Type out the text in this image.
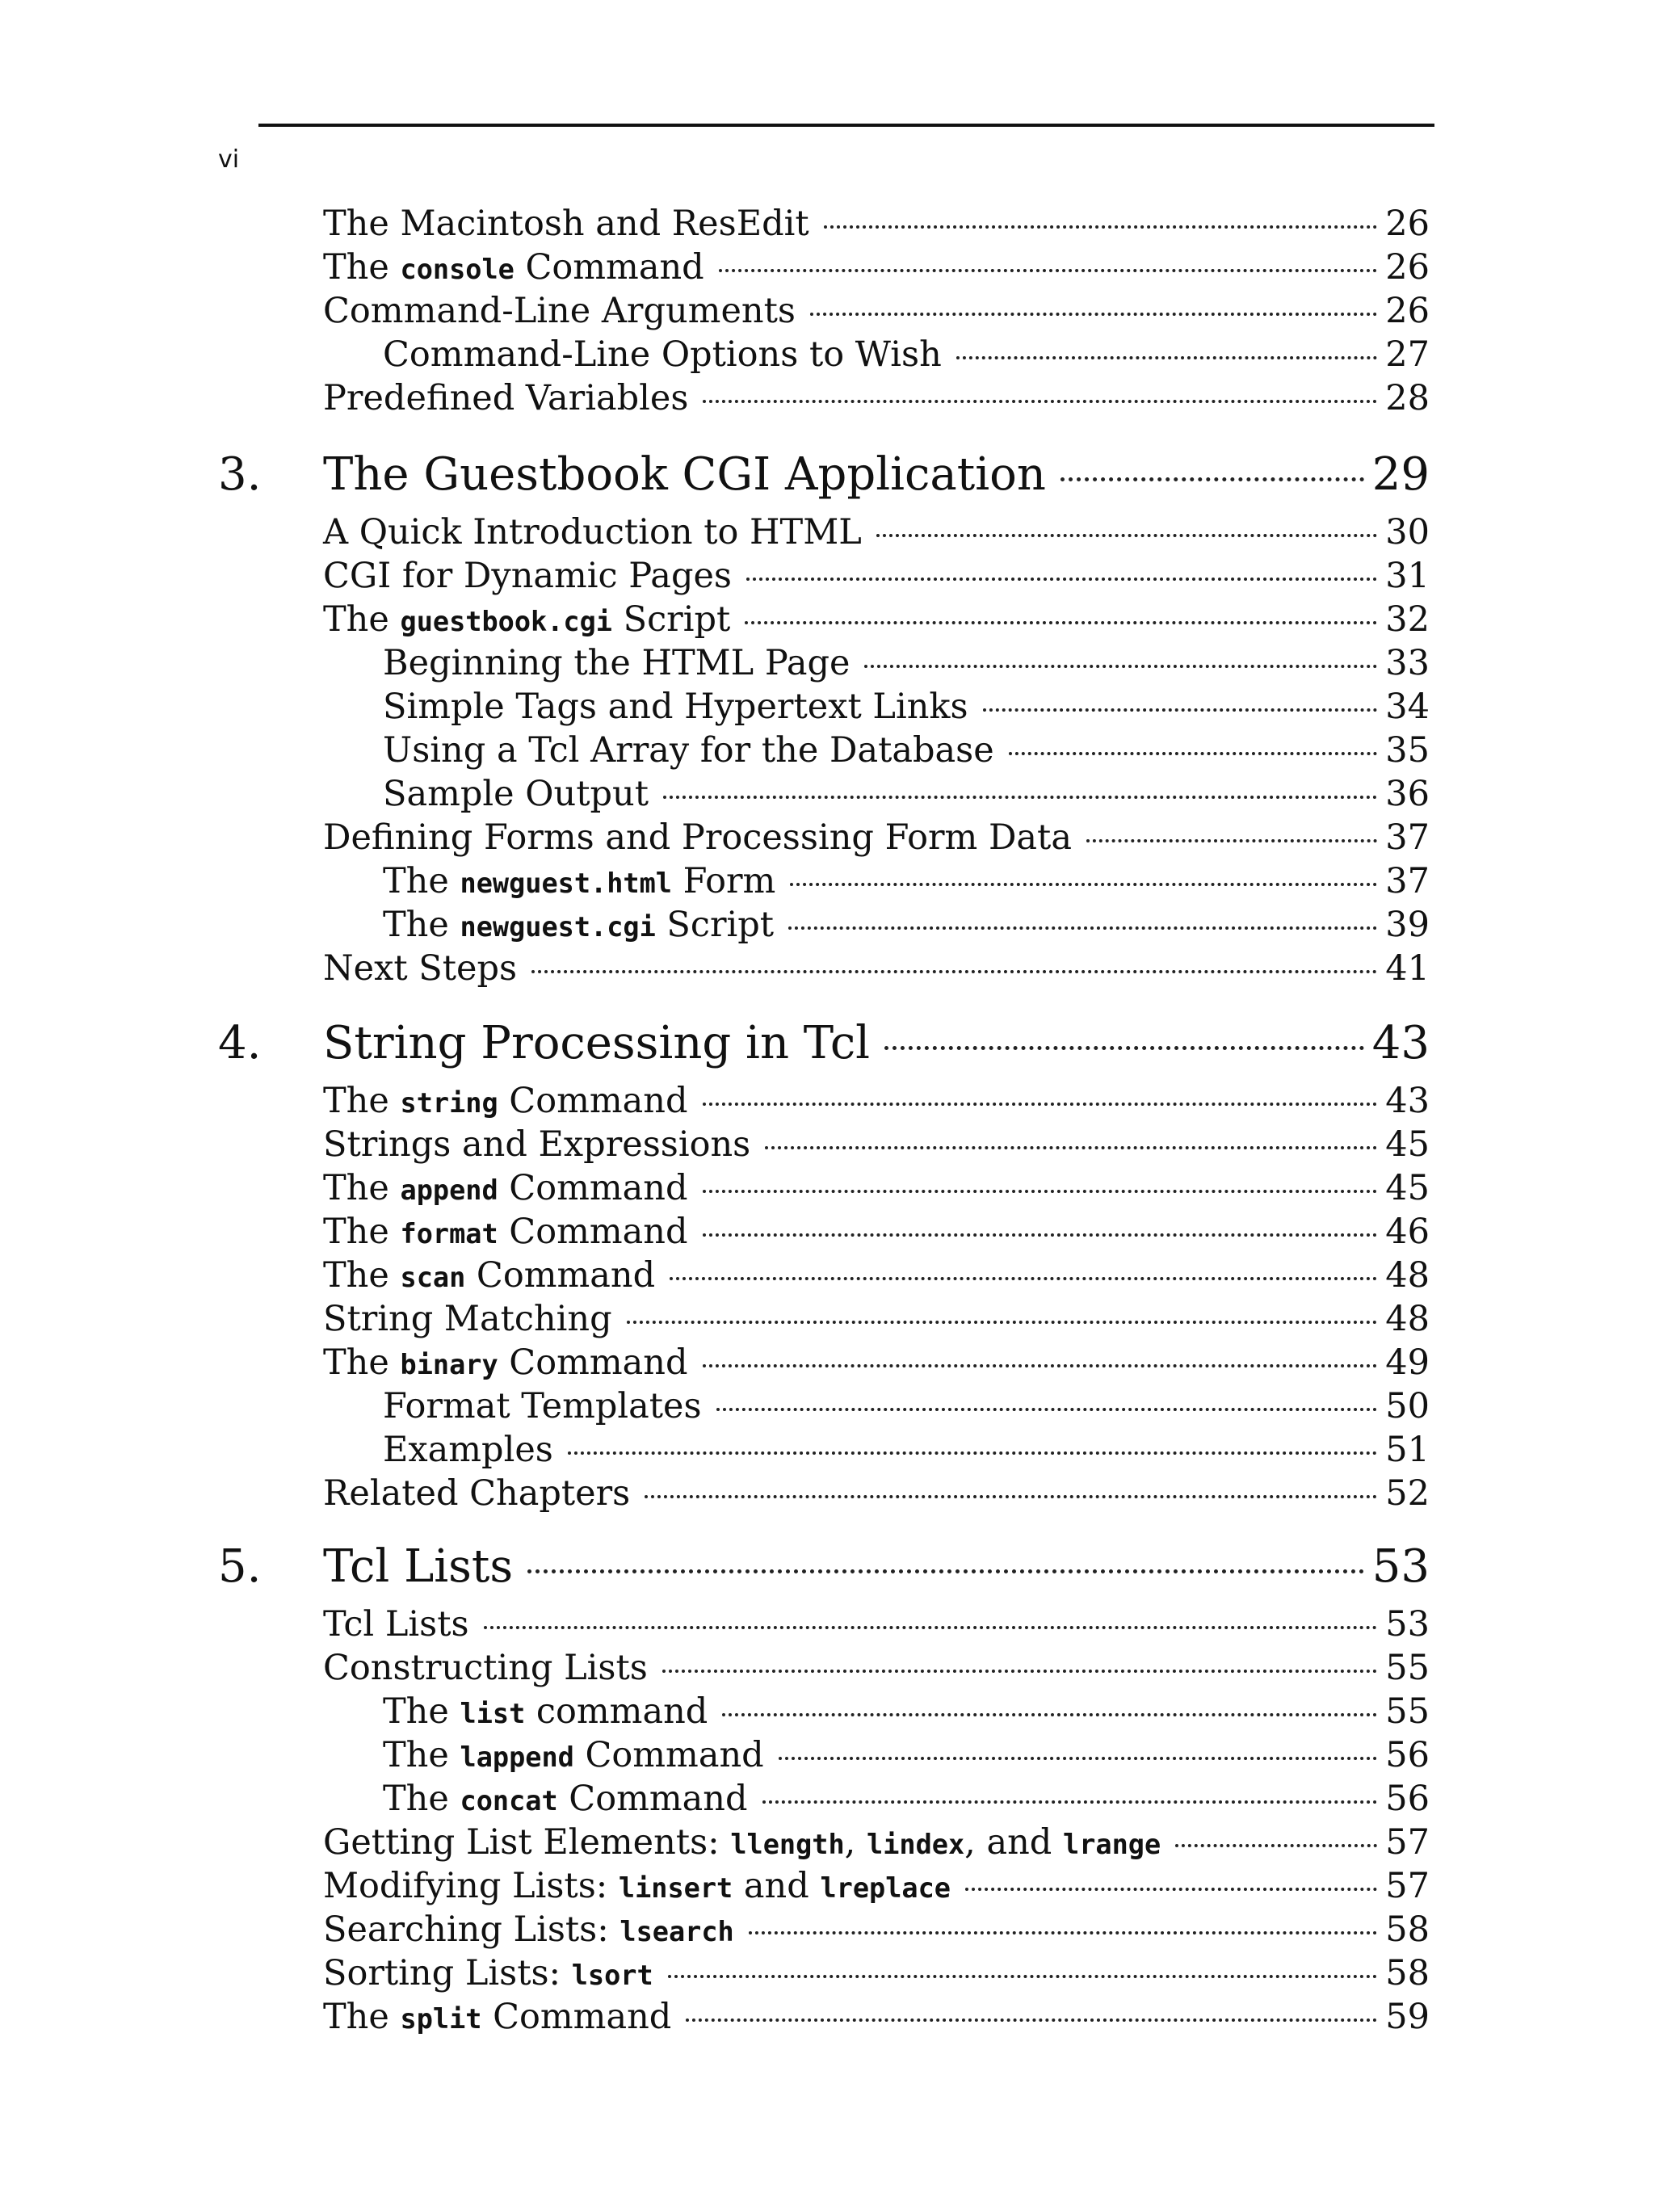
vi
The Macintosh and ResEdit	26
The console Command	26
Command-Line Arguments	26
Command-Line Options to Wish	27
Predefined Variables	28
3.	The Guestbook CGI Application	29
A Quick Introduction to HTML	30
CGI for Dynamic Pages	31
The guestbook.cgi Script	32
Beginning the HTML Page	33
Simple Tags and Hypertext Links	34
Using a Tcl Array for the Database	35
Sample Output	36
Defining Forms and Processing Form Data	37
The newguest.html Form	37
The newguest.cgi Script	39
Next Steps	41
4.	String Processing in Tcl	43
The string Command	43
Strings and Expressions	45
The append Command	45
The format Command	46
The scan Command	48
String Matching	48
The binary Command	49
Format Templates	50
Examples	51
Related Chapters	52
5.	Tcl Lists	53
Tcl Lists	53
Constructing Lists	55
The list command	55
The lappend Command	56
The concat Command	56
Getting List Elements: llength, lindex, and lrange	57
Modifying Lists: linsert and lreplace	57
Searching Lists: lsearch	58
Sorting Lists: lsort	58
The split Command	59
